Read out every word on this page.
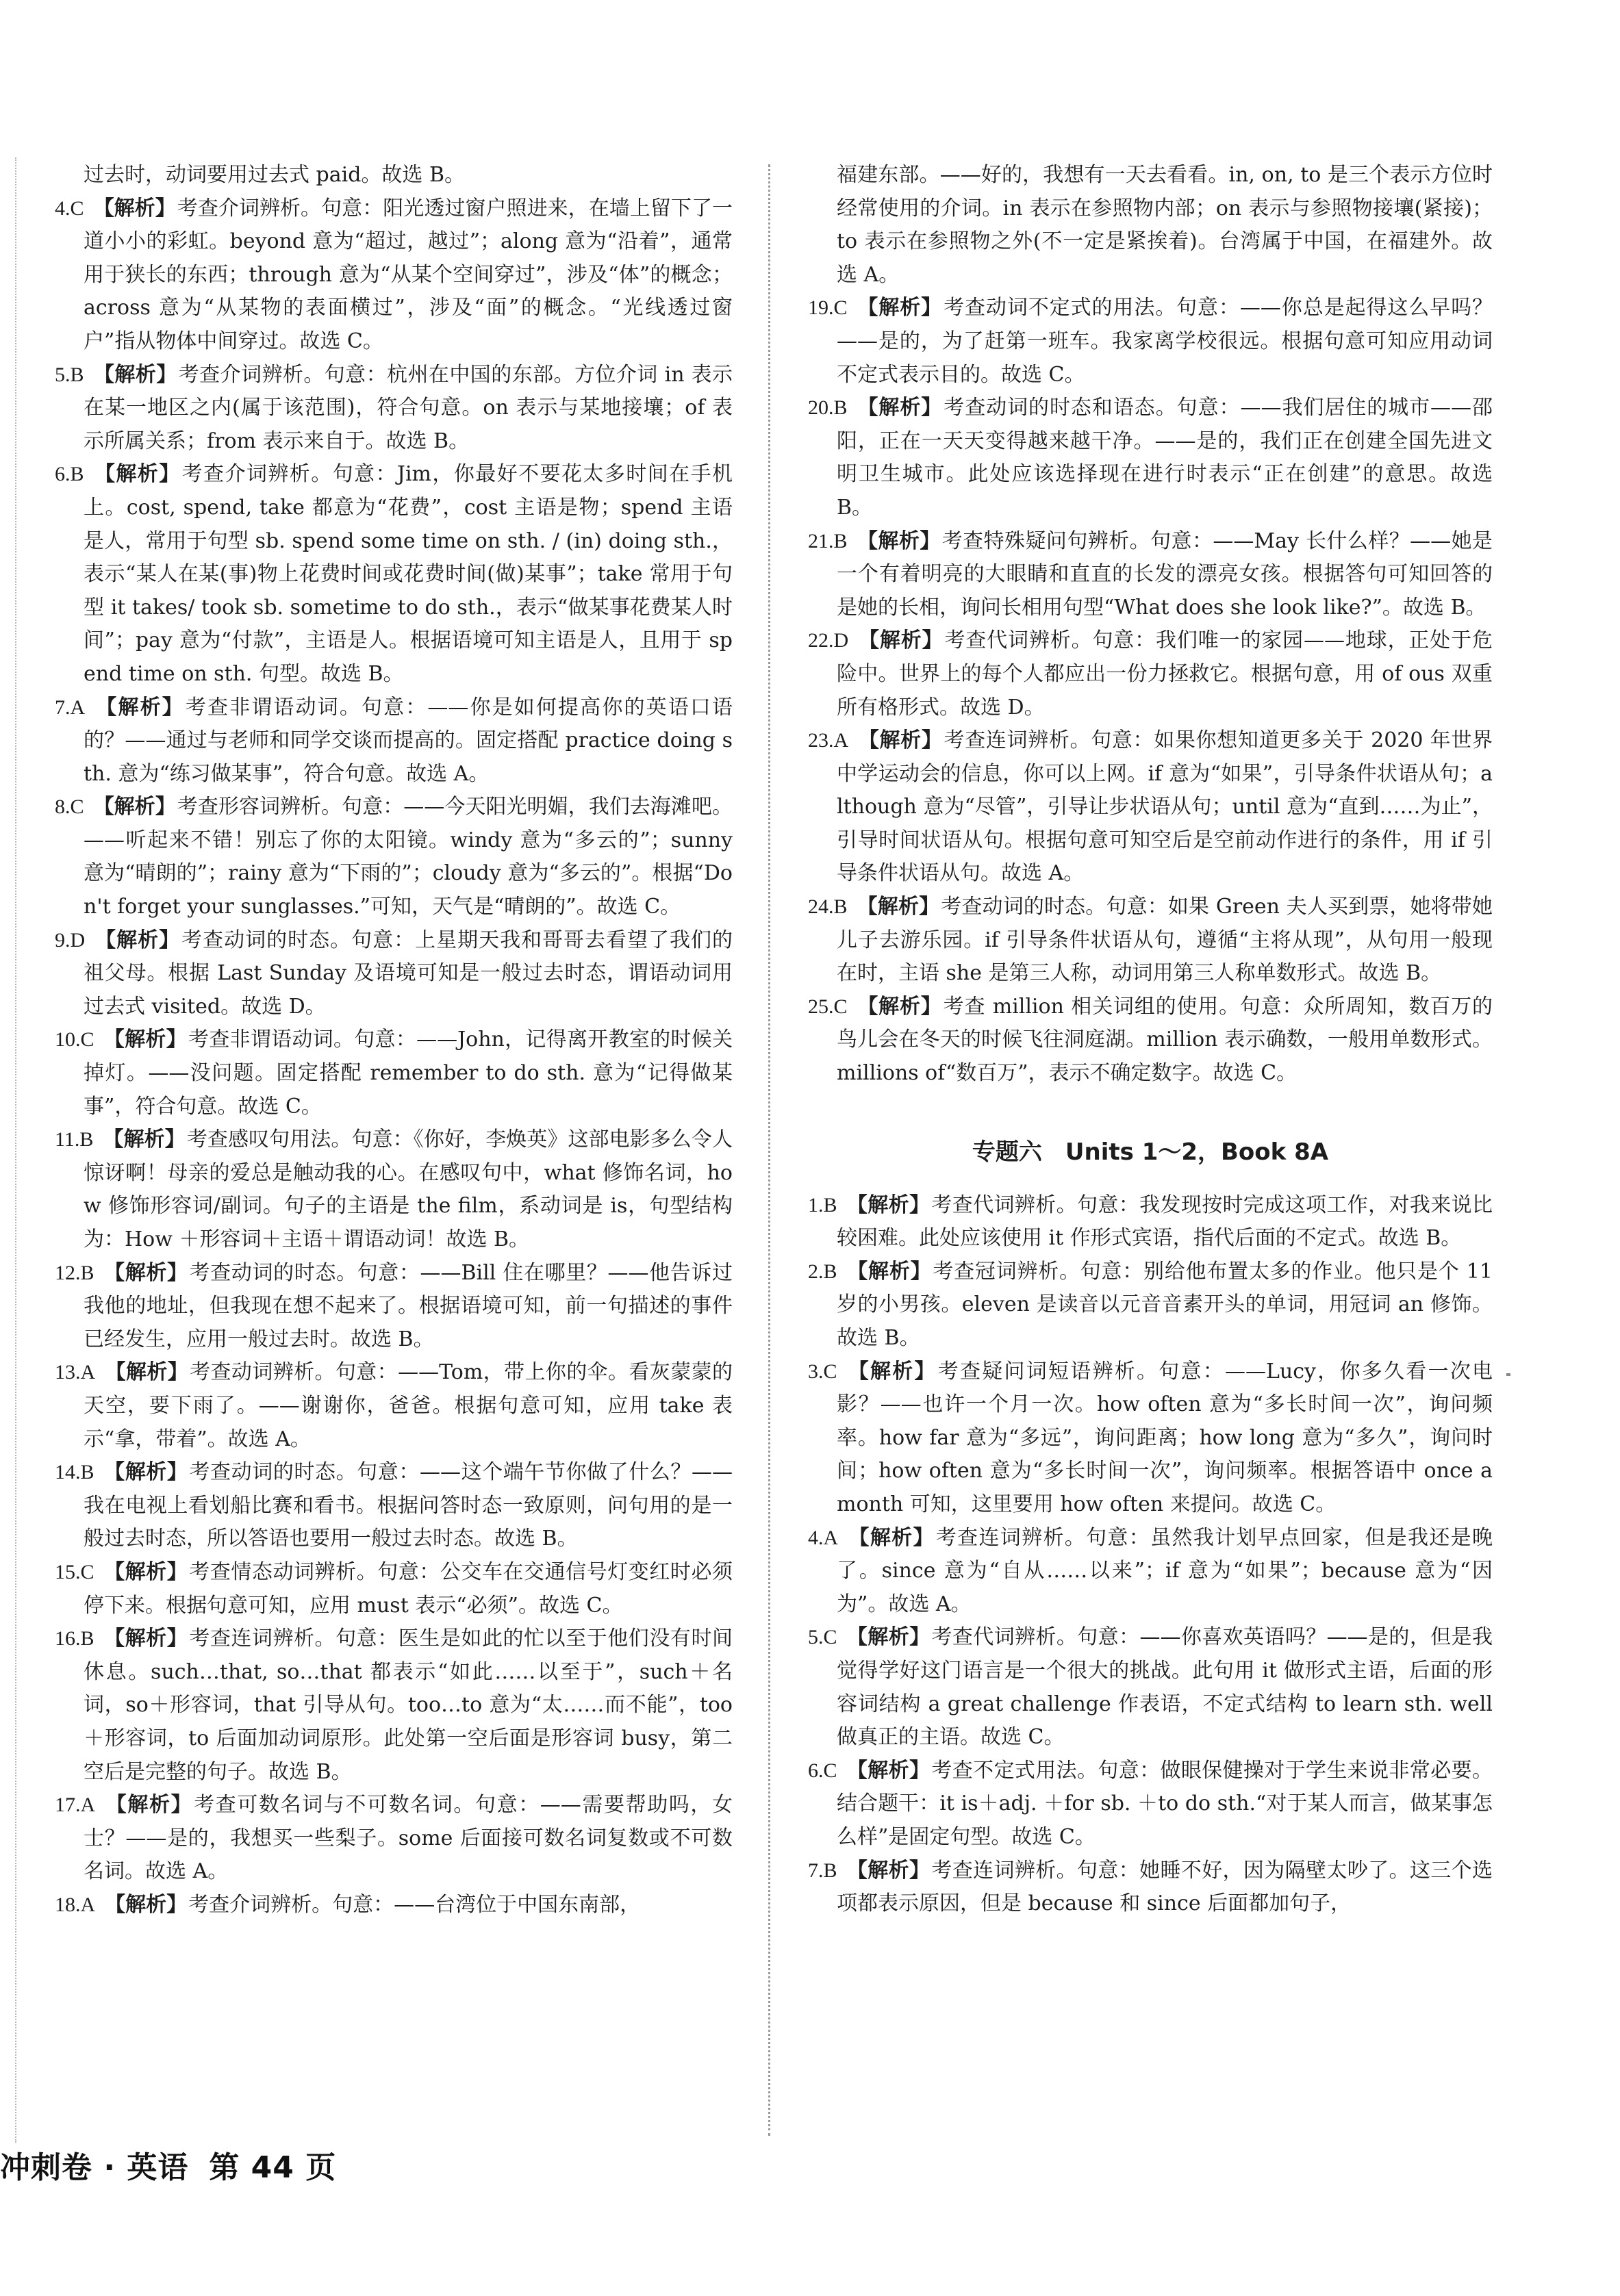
过去时，动词要用过去式 paid。故选 B。

4.C 【解析】考查介词辨析。句意：阳光透过窗户照进来，在墙上留下了一道小小的彩虹。beyond 意为“超过，越过”；along 意为“沿着”，通常用于狭长的东西；through 意为“从某个空间穿过”，涉及“体”的概念；across 意为“从某物的表面横过”，涉及“面”的概念。“光线透过窗户”指从物体中间穿过。故选 C。

5.B 【解析】考查介词辨析。句意：杭州在中国的东部。方位介词 in 表示在某一地区之内(属于该范围)，符合句意。on 表示与某地接壤；of 表示所属关系；from 表示来自于。故选 B。

6.B 【解析】考查介词辨析。句意：Jim，你最好不要花太多时间在手机上。cost, spend, take 都意为“花费”，cost 主语是物；spend 主语是人，常用于句型 sb. spend some time on sth. / (in) doing sth.，表示“某人在某(事)物上花费时间或花费时间(做)某事”；take 常用于句型 it takes/ took sb. sometime to do sth.，表示“做某事花费某人时间”；pay 意为“付款”，主语是人。根据语境可知主语是人，且用于 spend time on sth. 句型。故选 B。

7.A 【解析】考查非谓语动词。句意：——你是如何提高你的英语口语的？——通过与老师和同学交谈而提高的。固定搭配 practice doing sth. 意为“练习做某事”，符合句意。故选 A。

8.C 【解析】考查形容词辨析。句意：——今天阳光明媚，我们去海滩吧。——听起来不错！别忘了你的太阳镜。windy 意为“多云的”；sunny 意为“晴朗的”；rainy 意为“下雨的”；cloudy 意为“多云的”。根据“Don't forget your sunglasses.”可知，天气是“晴朗的”。故选 C。

9.D 【解析】考查动词的时态。句意：上星期天我和哥哥去看望了我们的祖父母。根据 Last Sunday 及语境可知是一般过去时态，谓语动词用过去式 visited。故选 D。

10.C 【解析】考查非谓语动词。句意：——John，记得离开教室的时候关掉灯。——没问题。固定搭配 remember to do sth. 意为“记得做某事”，符合句意。故选 C。

11.B 【解析】考查感叹句用法。句意：《你好，李焕英》这部电影多么令人惊讶啊！母亲的爱总是触动我的心。在感叹句中，what 修饰名词，how 修饰形容词/副词。句子的主语是 the film，系动词是 is，句型结构为：How ＋形容词＋主语＋谓语动词！故选 B。

12.B 【解析】考查动词的时态。句意：——Bill 住在哪里？——他告诉过我他的地址，但我现在想不起来了。根据语境可知，前一句描述的事件已经发生，应用一般过去时。故选 B。

13.A 【解析】考查动词辨析。句意：——Tom，带上你的伞。看灰蒙蒙的天空，要下雨了。——谢谢你，爸爸。根据句意可知，应用 take 表示“拿，带着”。故选 A。

14.B 【解析】考查动词的时态。句意：——这个端午节你做了什么？——我在电视上看划船比赛和看书。根据问答时态一致原则，问句用的是一般过去时态，所以答语也要用一般过去时态。故选 B。

15.C 【解析】考查情态动词辨析。句意：公交车在交通信号灯变红时必须停下来。根据句意可知，应用 must 表示“必须”。故选 C。

16.B 【解析】考查连词辨析。句意：医生是如此的忙以至于他们没有时间休息。such…that, so…that 都表示“如此……以至于”，such＋名词，so＋形容词，that 引导从句。too…to 意为“太……而不能”，too＋形容词，to 后面加动词原形。此处第一空后面是形容词 busy，第二空后是完整的句子。故选 B。

17.A 【解析】考查可数名词与不可数名词。句意：——需要帮助吗，女士？——是的，我想买一些梨子。some 后面接可数名词复数或不可数名词。故选 A。

18.A 【解析】考查介词辨析。句意：——台湾位于中国东南部，

福建东部。——好的，我想有一天去看看。in, on, to 是三个表示方位时经常使用的介词。in 表示在参照物内部；on 表示与参照物接壤(紧接)；to 表示在参照物之外(不一定是紧挨着)。台湾属于中国，在福建外。故选 A。

19.C 【解析】考查动词不定式的用法。句意：——你总是起得这么早吗？——是的，为了赶第一班车。我家离学校很远。根据句意可知应用动词不定式表示目的。故选 C。

20.B 【解析】考查动词的时态和语态。句意：——我们居住的城市——邵阳，正在一天天变得越来越干净。——是的，我们正在创建全国先进文明卫生城市。此处应该选择现在进行时表示“正在创建”的意思。故选 B。

21.B 【解析】考查特殊疑问句辨析。句意：——May 长什么样？——她是一个有着明亮的大眼睛和直直的长发的漂亮女孩。根据答句可知回答的是她的长相，询问长相用句型“What does she look like?”。故选 B。

22.D 【解析】考查代词辨析。句意：我们唯一的家园——地球，正处于危险中。世界上的每个人都应出一份力拯救它。根据句意，用 of ous 双重所有格形式。故选 D。

23.A 【解析】考查连词辨析。句意：如果你想知道更多关于 2020 年世界中学运动会的信息，你可以上网。if 意为“如果”，引导条件状语从句；although 意为“尽管”，引导让步状语从句；until 意为“直到……为止”，引导时间状语从句。根据句意可知空后是空前动作进行的条件，用 if 引导条件状语从句。故选 A。

24.B 【解析】考查动词的时态。句意：如果 Green 夫人买到票，她将带她儿子去游乐园。if 引导条件状语从句，遵循“主将从现”，从句用一般现在时，主语 she 是第三人称，动词用第三人称单数形式。故选 B。

25.C 【解析】考查 million 相关词组的使用。句意：众所周知，数百万的鸟儿会在冬天的时候飞往洞庭湖。million 表示确数，一般用单数形式。millions of“数百万”，表示不确定数字。故选 C。

专题六　Units 1～2，Book 8A

1.B 【解析】考查代词辨析。句意：我发现按时完成这项工作，对我来说比较困难。此处应该使用 it 作形式宾语，指代后面的不定式。故选 B。

2.B 【解析】考查冠词辨析。句意：别给他布置太多的作业。他只是个 11 岁的小男孩。eleven 是读音以元音音素开头的单词，用冠词 an 修饰。故选 B。

3.C 【解析】考查疑问词短语辨析。句意：——Lucy，你多久看一次电影？——也许一个月一次。how often 意为“多长时间一次”，询问频率。how far 意为“多远”，询问距离；how long 意为“多久”，询问时间；how often 意为“多长时间一次”，询问频率。根据答语中 once a month 可知，这里要用 how often 来提问。故选 C。

4.A 【解析】考查连词辨析。句意：虽然我计划早点回家，但是我还是晚了。since 意为“自从……以来”；if 意为“如果”；because 意为“因为”。故选 A。

5.C 【解析】考查代词辨析。句意：——你喜欢英语吗？——是的，但是我觉得学好这门语言是一个很大的挑战。此句用 it 做形式主语，后面的形容词结构 a great challenge 作表语，不定式结构 to learn sth. well 做真正的主语。故选 C。

6.C 【解析】考查不定式用法。句意：做眼保健操对于学生来说非常必要。结合题干：it is＋adj. ＋for sb. ＋to do sth.“对于某人而言，做某事怎么样”是固定句型。故选 C。

7.B 【解析】考查连词辨析。句意：她睡不好，因为隔壁太吵了。这三个选项都表示原因，但是 because 和 since 后面都加句子，

冲刺卷 · 英语 第 44 页
